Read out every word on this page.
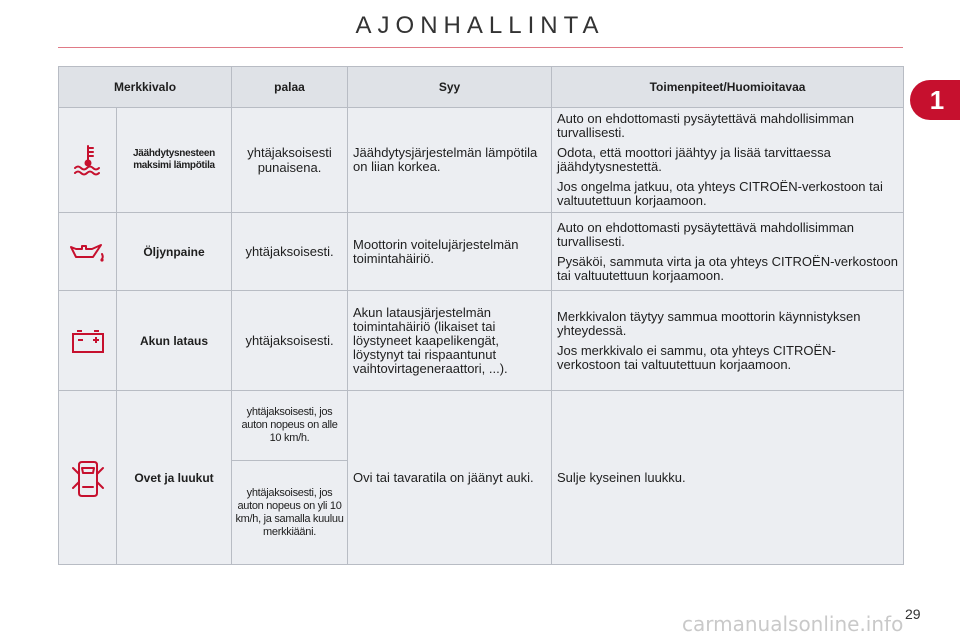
AJONHALLINTA
1
Merkkivalo		palaa	Syy	Toimenpiteet/Huomioitavaa

	Jäähdytysnesteen maksimi lämpötila	yhtäjaksoisesti punaisena.	Jäähdytysjärjestelmän lämpötila on liian korkea.	Auto on ehdottomasti pysäytettävä mahdollisimman turvallisesti.

Odota, että moottori jäähtyy ja lisää tarvittaessa jäähdytysnestettä.

Jos ongelma jatkuu, ota yhteys CITROËN-verkostoon tai valtuutettuun korjaamoon.

	Öljynpaine	yhtäjaksoisesti.	Moottorin voitelujärjestelmän toimintahäiriö.	Auto on ehdottomasti pysäytettävä mahdollisimman turvallisesti.

Pysäköi, sammuta virta ja ota yhteys CITROËN-verkostoon tai valtuutettuun korjaamoon.

	Akun lataus	yhtäjaksoisesti.	Akun latausjärjestelmän toimintahäiriö (likaiset tai löystyneet kaapelikengät, löystynyt tai rispaantunut vaihtovirtageneraattori, ...).	Merkkivalon täytyy sammua moottorin käynnistyksen yhteydessä.

Jos merkkivalo ei sammu, ota yhteys CITROËN-verkostoon tai valtuutettuun korjaamoon.

	Ovet ja luukut	yhtäjaksoisesti, jos auton nopeus on alle 10 km/h.	Ovi tai tavaratila on jäänyt auki.	Sulje kyseinen luukku.
		yhtäjaksoisesti, jos auton nopeus on yli 10 km/h, ja samalla kuuluu merkkiääni.		
29
carmanualsonline.info
